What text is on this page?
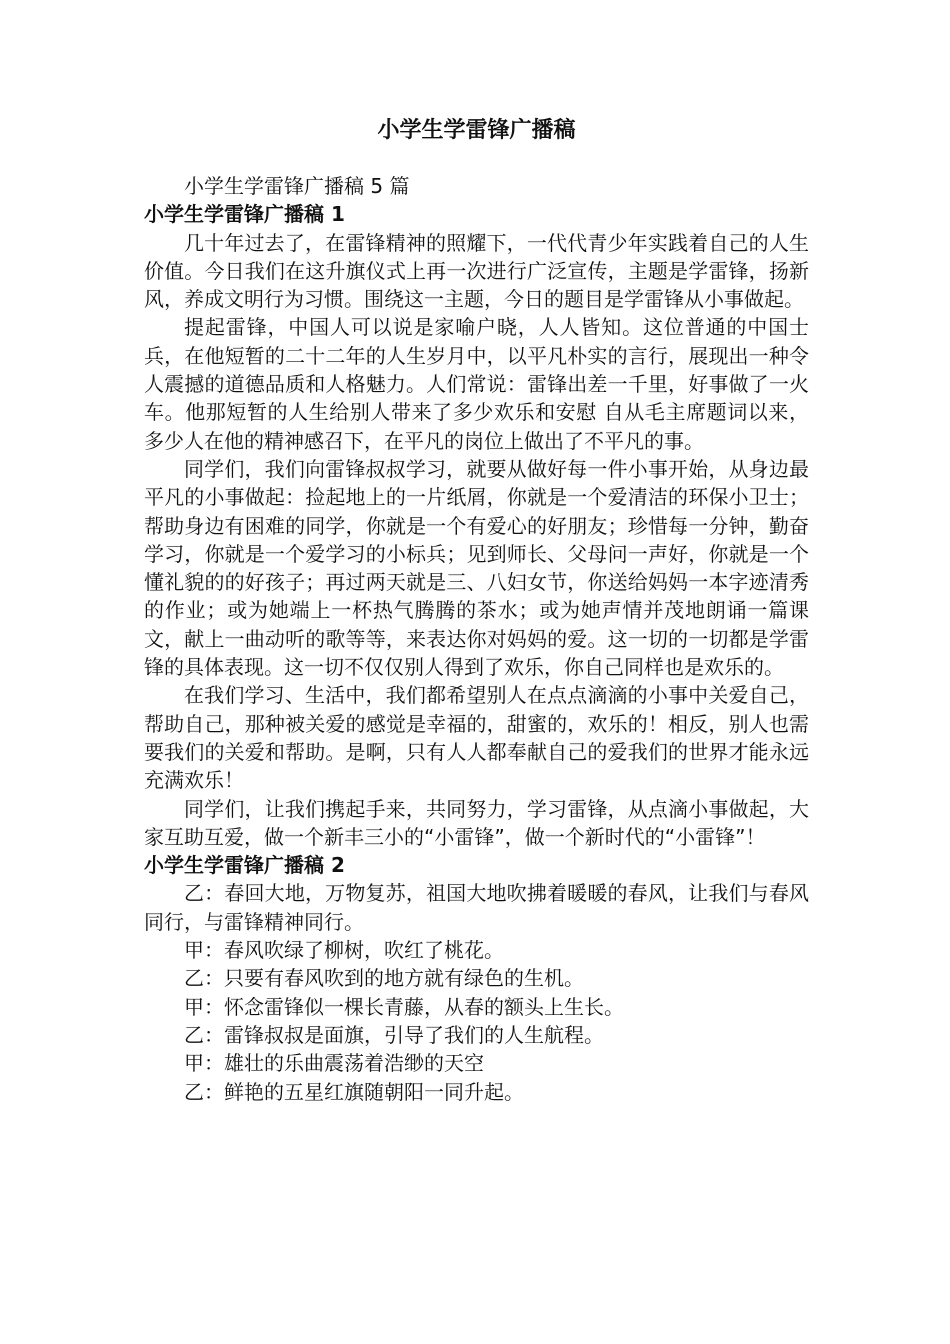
小学生学雷锋广播稿

小学生学雷锋广播稿 5 篇

小学生学雷锋广播稿 1

几十年过去了，在雷锋精神的照耀下，一代代青少年实践着自己的人生价值。今日我们在这升旗仪式上再一次进行广泛宣传，主题是学雷锋，扬新风，养成文明行为习惯。围绕这一主题，今日的题目是学雷锋从小事做起。

提起雷锋，中国人可以说是家喻户晓，人人皆知。这位普通的中国士兵，在他短暂的二十二年的人生岁月中，以平凡朴实的言行，展现出一种令人震撼的道德品质和人格魅力。人们常说：雷锋出差一千里，好事做了一火车。他那短暂的人生给别人带来了多少欢乐和安慰 自从毛主席题词以来，多少人在他的精神感召下，在平凡的岗位上做出了不平凡的事。

同学们，我们向雷锋叔叔学习，就要从做好每一件小事开始，从身边最平凡的小事做起：捡起地上的一片纸屑，你就是一个爱清洁的环保小卫士；帮助身边有困难的同学，你就是一个有爱心的好朋友；珍惜每一分钟，勤奋学习，你就是一个爱学习的小标兵；见到师长、父母问一声好，你就是一个懂礼貌的的好孩子；再过两天就是三、八妇女节，你送给妈妈一本字迹清秀的作业；或为她端上一杯热气腾腾的茶水；或为她声情并茂地朗诵一篇课文，献上一曲动听的歌等等，来表达你对妈妈的爱。这一切的一切都是学雷锋的具体表现。这一切不仅仅别人得到了欢乐，你自己同样也是欢乐的。

在我们学习、生活中，我们都希望别人在点点滴滴的小事中关爱自己，帮助自己，那种被关爱的感觉是幸福的，甜蜜的，欢乐的！相反，别人也需要我们的关爱和帮助。是啊，只有人人都奉献自己的爱我们的世界才能永远充满欢乐！

同学们，让我们携起手来，共同努力，学习雷锋，从点滴小事做起，大家互助互爱，做一个新丰三小的“小雷锋”，做一个新时代的“小雷锋”！

小学生学雷锋广播稿 2

乙：春回大地，万物复苏，祖国大地吹拂着暖暖的春风，让我们与春风同行，与雷锋精神同行。

甲：春风吹绿了柳树，吹红了桃花。

乙：只要有春风吹到的地方就有绿色的生机。

甲：怀念雷锋似一棵长青藤，从春的额头上生长。

乙：雷锋叔叔是面旗，引导了我们的人生航程。

甲：雄壮的乐曲震荡着浩缈的天空

乙：鲜艳的五星红旗随朝阳一同升起。
